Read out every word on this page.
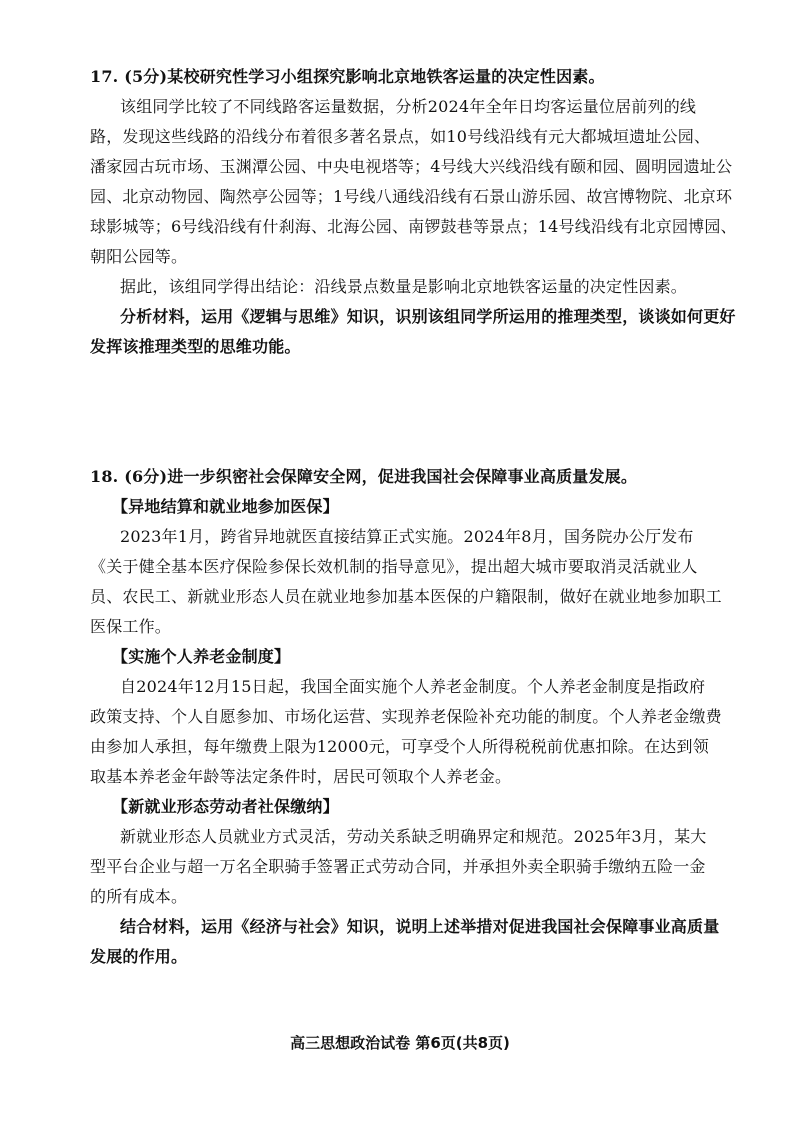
17. (5分)某校研究性学习小组探究影响北京地铁客运量的决定性因素。
该组同学比较了不同线路客运量数据，分析2024年全年日均客运量位居前列的线
路，发现这些线路的沿线分布着很多著名景点，如10号线沿线有元大都城垣遗址公园、
潘家园古玩市场、玉渊潭公园、中央电视塔等；4号线大兴线沿线有颐和园、圆明园遗址公
园、北京动物园、陶然亭公园等；1号线八通线沿线有石景山游乐园、故宫博物院、北京环
球影城等；6号线沿线有什刹海、北海公园、南锣鼓巷等景点；14号线沿线有北京园博园、
朝阳公园等。
据此，该组同学得出结论：沿线景点数量是影响北京地铁客运量的决定性因素。
分析材料，运用《逻辑与思维》知识，识别该组同学所运用的推理类型，谈谈如何更好
发挥该推理类型的思维功能。
18. (6分)进一步织密社会保障安全网，促进我国社会保障事业高质量发展。
【异地结算和就业地参加医保】
2023年1月，跨省异地就医直接结算正式实施。2024年8月，国务院办公厅发布
《关于健全基本医疗保险参保长效机制的指导意见》，提出超大城市要取消灵活就业人
员、农民工、新就业形态人员在就业地参加基本医保的户籍限制，做好在就业地参加职工
医保工作。
【实施个人养老金制度】
自2024年12月15日起，我国全面实施个人养老金制度。个人养老金制度是指政府
政策支持、个人自愿参加、市场化运营、实现养老保险补充功能的制度。个人养老金缴费
由参加人承担，每年缴费上限为12000元，可享受个人所得税税前优惠扣除。在达到领
取基本养老金年龄等法定条件时，居民可领取个人养老金。
【新就业形态劳动者社保缴纳】
新就业形态人员就业方式灵活，劳动关系缺乏明确界定和规范。2025年3月，某大
型平台企业与超一万名全职骑手签署正式劳动合同，并承担外卖全职骑手缴纳五险一金
的所有成本。
结合材料，运用《经济与社会》知识，说明上述举措对促进我国社会保障事业高质量
发展的作用。
高三思想政治试卷 第6页(共8页)
